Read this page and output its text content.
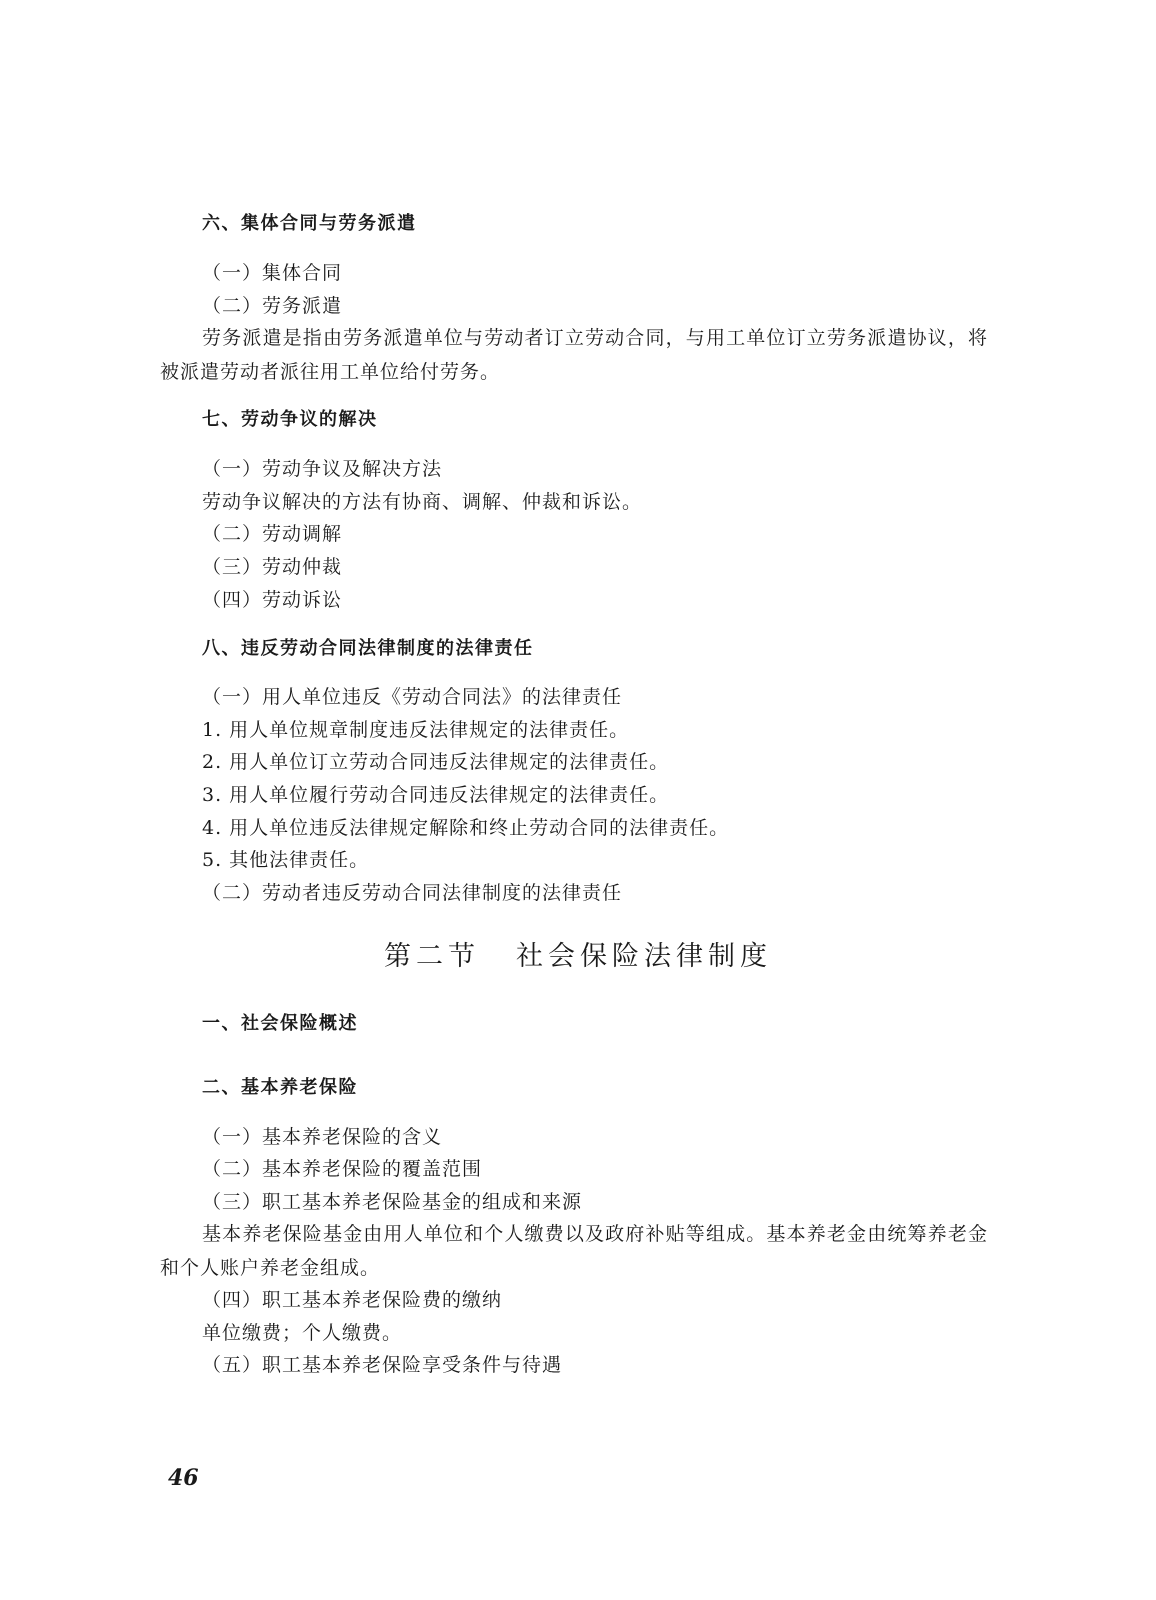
六、集体合同与劳务派遣
（一）集体合同
（二）劳务派遣
劳务派遣是指由劳务派遣单位与劳动者订立劳动合同，与用工单位订立劳务派遣协议，将被派遣劳动者派往用工单位给付劳务。
七、劳动争议的解决
（一）劳动争议及解决方法
劳动争议解决的方法有协商、调解、仲裁和诉讼。
（二）劳动调解
（三）劳动仲裁
（四）劳动诉讼
八、违反劳动合同法律制度的法律责任
（一）用人单位违反《劳动合同法》的法律责任
1. 用人单位规章制度违反法律规定的法律责任。
2. 用人单位订立劳动合同违反法律规定的法律责任。
3. 用人单位履行劳动合同违反法律规定的法律责任。
4. 用人单位违反法律规定解除和终止劳动合同的法律责任。
5. 其他法律责任。
（二）劳动者违反劳动合同法律制度的法律责任
第二节 社会保险法律制度
一、社会保险概述
二、基本养老保险
（一）基本养老保险的含义
（二）基本养老保险的覆盖范围
（三）职工基本养老保险基金的组成和来源
基本养老保险基金由用人单位和个人缴费以及政府补贴等组成。基本养老金由统筹养老金和个人账户养老金组成。
（四）职工基本养老保险费的缴纳
单位缴费；个人缴费。
（五）职工基本养老保险享受条件与待遇
46
